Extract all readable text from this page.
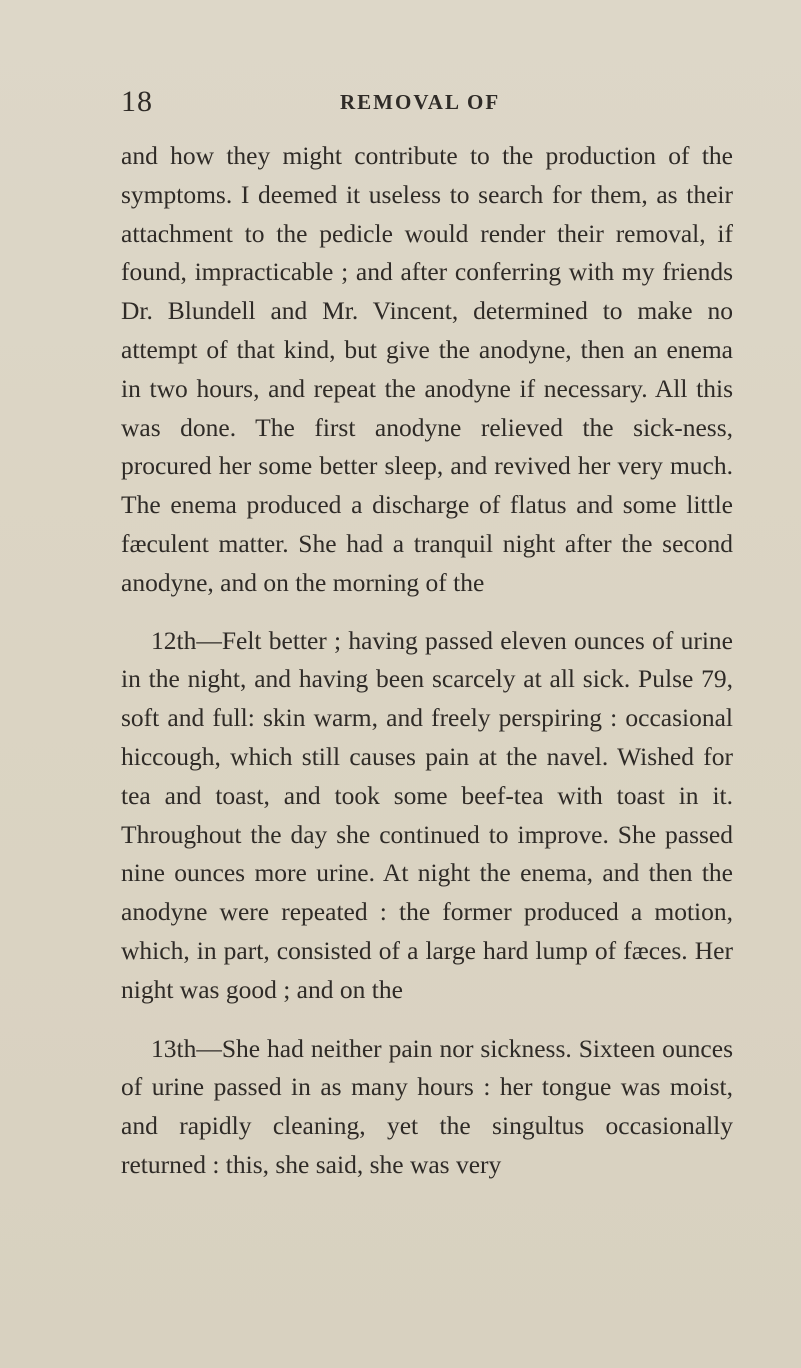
18	REMOVAL OF

and how they might contribute to the production of the symptoms. I deemed it useless to search for them, as their attachment to the pedicle would render their removal, if found, impracticable ; and after conferring with my friends Dr. Blundell and Mr. Vincent, determined to make no attempt of that kind, but give the anodyne, then an enema in two hours, and repeat the anodyne if necessary. All this was done. The first anodyne relieved the sick-ness, procured her some better sleep, and revived her very much. The enema produced a discharge of flatus and some little fæculent matter. She had a tranquil night after the second anodyne, and on the morning of the

12th—Felt better ; having passed eleven ounces of urine in the night, and having been scarcely at all sick. Pulse 79, soft and full: skin warm, and freely perspiring : occasional hiccough, which still causes pain at the navel. Wished for tea and toast, and took some beef-tea with toast in it. Throughout the day she continued to improve. She passed nine ounces more urine. At night the enema, and then the anodyne were repeated : the former produced a motion, which, in part, consisted of a large hard lump of fæces. Her night was good ; and on the

13th—She had neither pain nor sickness. Sixteen ounces of urine passed in as many hours : her tongue was moist, and rapidly cleaning, yet the singultus occasionally returned : this, she said, she was very
